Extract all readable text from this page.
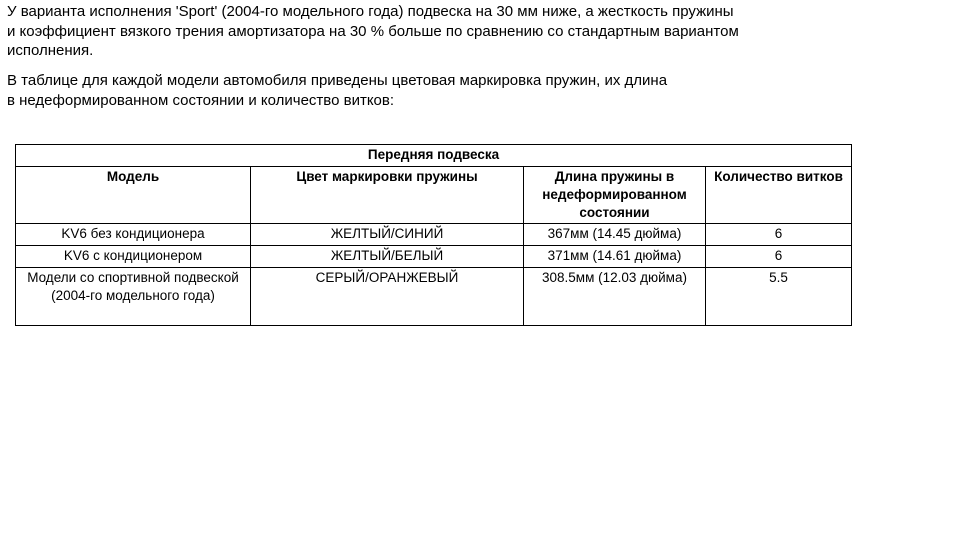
У варианта исполнения 'Sport' (2004-го модельного года) подвеска на 30 мм ниже, а жесткость пружины
и коэффициент вязкого трения амортизатора на 30 % больше по сравнению со стандартным вариантом
исполнения.

В таблице для каждой модели автомобиля приведены цветовая маркировка пружин, их длина
в недеформированном состоянии и количество витков:

Передняя подвеска			
Модель	Цвет маркировки пружины	Длина пружины в недеформированном состоянии	Количество витков
KV6 без кондиционера	ЖЕЛТЫЙ/СИНИЙ	367мм (14.45 дюйма)	6
KV6 с кондиционером	ЖЕЛТЫЙ/БЕЛЫЙ	371мм (14.61 дюйма)	6
Модели со спортивной подвеской (2004-го модельного года)	СЕРЫЙ/ОРАНЖЕВЫЙ	308.5мм (12.03 дюйма)	5.5
